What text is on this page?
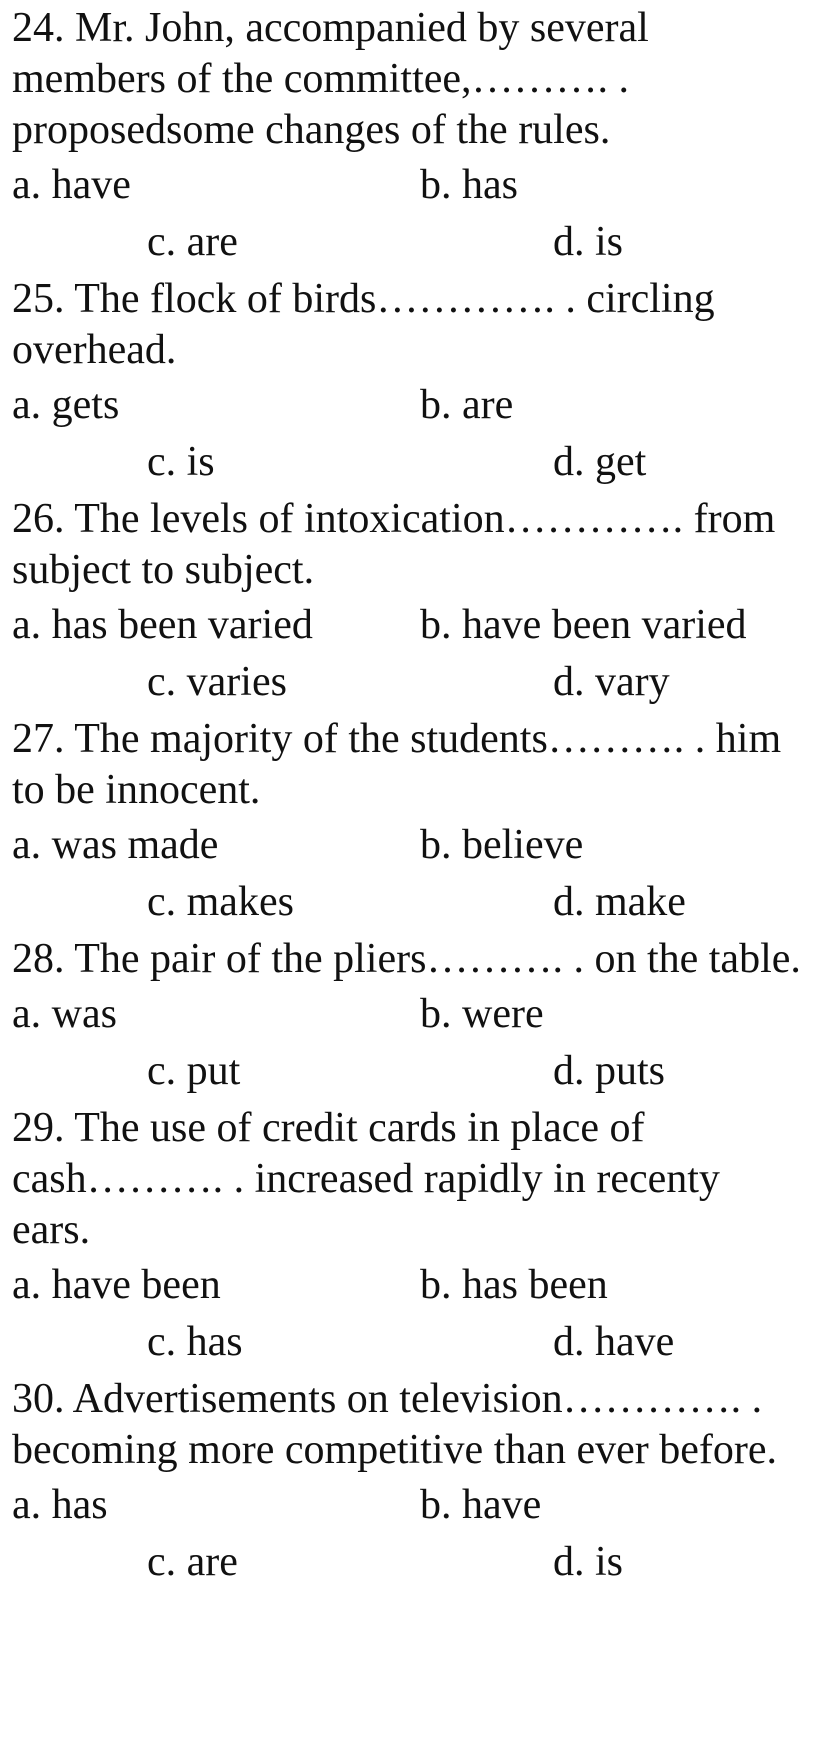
24. Mr. John, accompanied by several members of the committee,………. . proposedsome changes of the rules.
a. have	b. has
c. are	d. is
25. The flock of birds…………. . circling overhead.
a. gets	b. are
c. is	d. get
26. The levels of intoxication…………. from subject to subject.
a. has been varied	b. have been varied
c. varies	d. vary
27. The majority of the students………. . him to be innocent.
a. was made	b. believe
c. makes	d. make
28. The pair of the pliers………. . on the table.
a. was	b. were
c. put	d. puts
29. The use of credit cards in place of cash………. . increased rapidly in recenty ears.
a. have been	b. has been
c. has	d. have
30. Advertisements on television…………. . becoming more competitive than ever before.
a. has	b. have
c. are	d. is
